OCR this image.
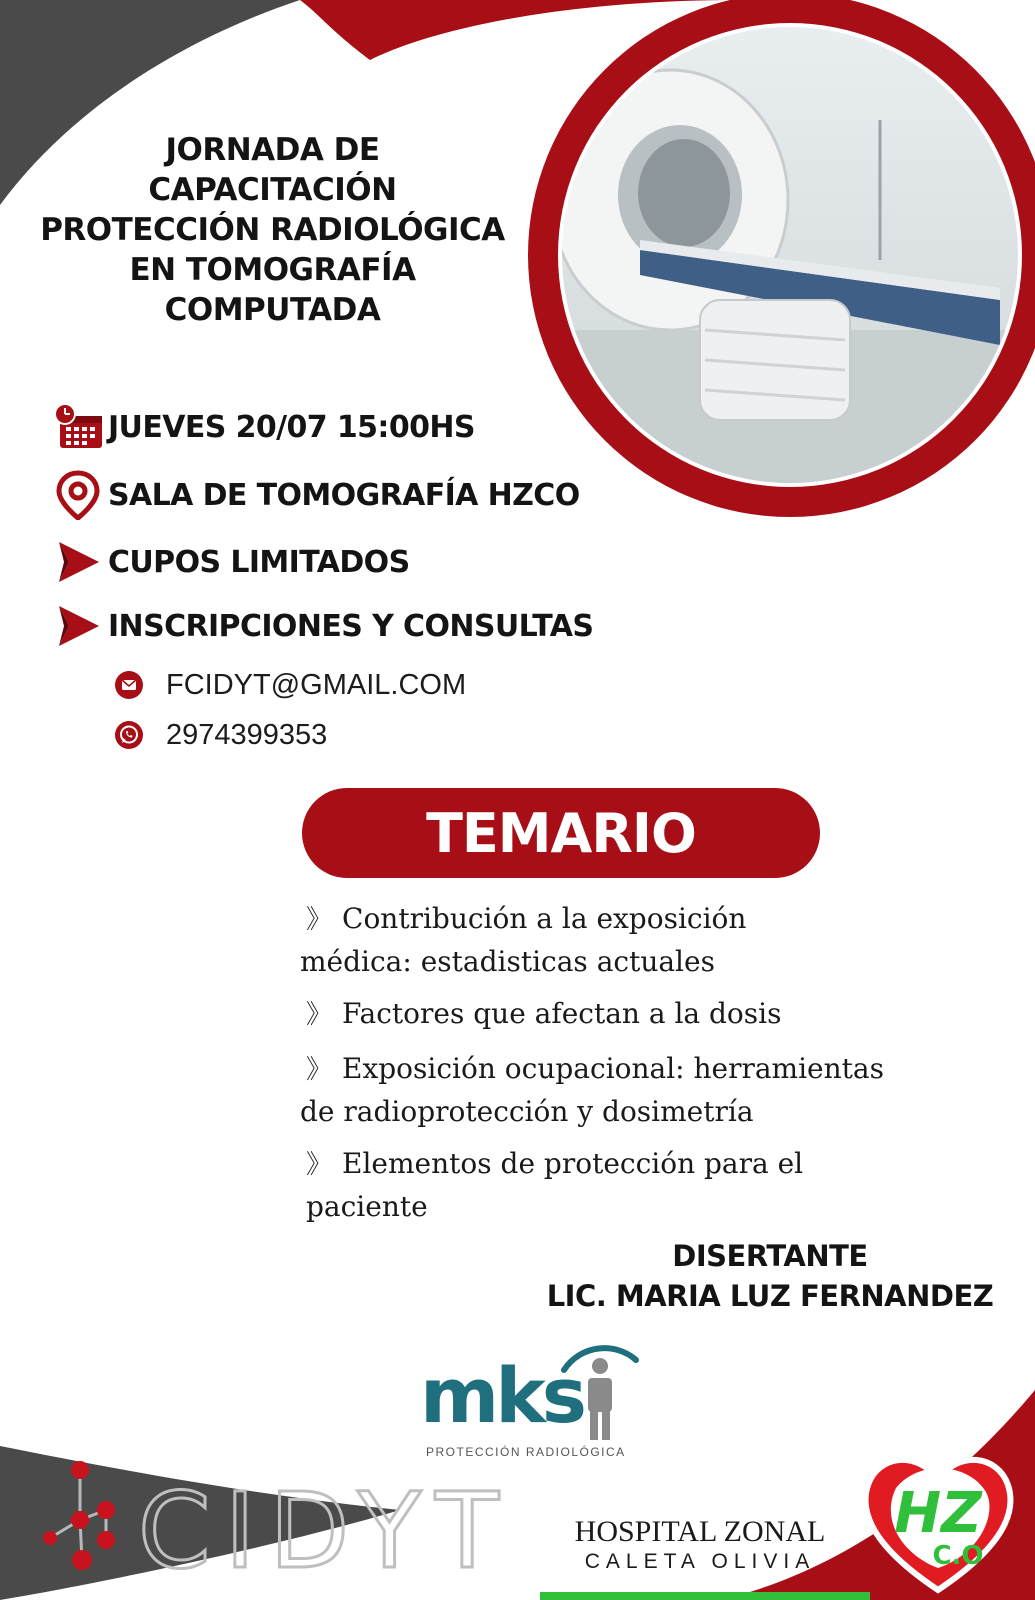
JORNADA DE
CAPACITACIÓN
PROTECCIÓN RADIOLÓGICA
EN TOMOGRAFÍA
COMPUTADA
JUEVES 20/07 15:00HS
SALA DE TOMOGRAFÍA HZCO
CUPOS LIMITADOS
INSCRIPCIONES Y CONSULTAS
FCIDYT@GMAIL.COM
2974399353
TEMARIO
》 Contribución a la exposición
médica: estadisticas actuales
》 Factores que afectan a la dosis
》 Exposición ocupacional: herramientas
de radioprotección y dosimetría
》 Elementos de protección para el
paciente
DISERTANTE
LIC. MARIA LUZ FERNANDEZ
mks
PROTECCIÓN RADIOLÓGICA
CIDYT HOSPITAL ZONAL
CALETA OLIVIA
HZ
C.O
